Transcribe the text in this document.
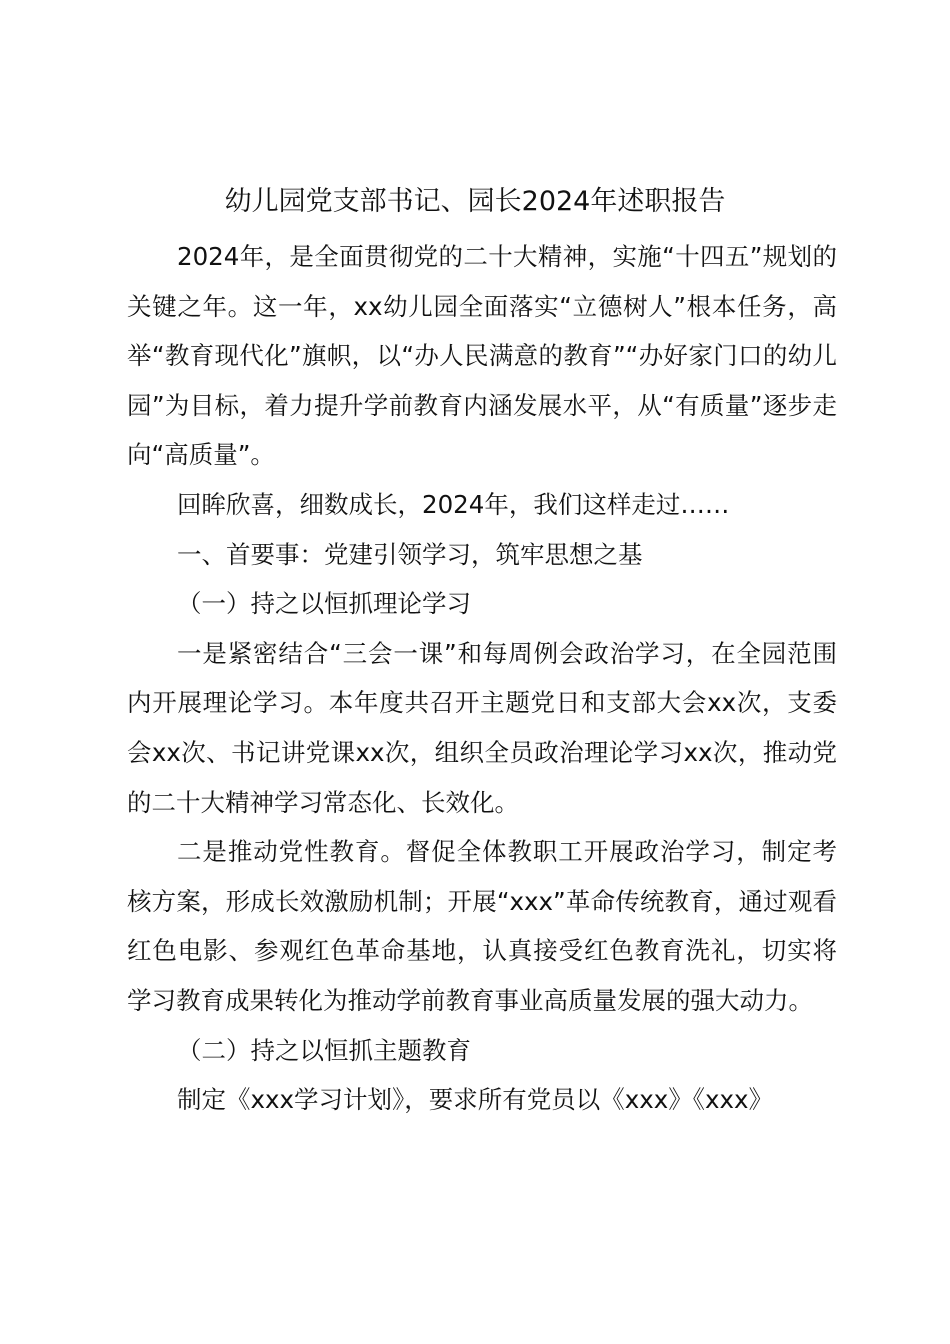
幼儿园党支部书记、园长2024年述职报告

2024年，是全面贯彻党的二十大精神，实施“十四五”规划的关键之年。这一年，xx幼儿园全面落实“立德树人”根本任务，高举“教育现代化”旗帜，以“办人民满意的教育”“办好家门口的幼儿园”为目标，着力提升学前教育内涵发展水平，从“有质量”逐步走向“高质量”。

回眸欣喜，细数成长，2024年，我们这样走过……

一、首要事：党建引领学习，筑牢思想之基

（一）持之以恒抓理论学习

一是紧密结合“三会一课”和每周例会政治学习，在全园范围内开展理论学习。本年度共召开主题党日和支部大会xx次，支委会xx次、书记讲党课xx次，组织全员政治理论学习xx次，推动党的二十大精神学习常态化、长效化。

二是推动党性教育。督促全体教职工开展政治学习，制定考核方案，形成长效激励机制；开展“xxx”革命传统教育，通过观看红色电影、参观红色革命基地，认真接受红色教育洗礼，切实将学习教育成果转化为推动学前教育事业高质量发展的强大动力。

（二）持之以恒抓主题教育

制定《xxx学习计划》，要求所有党员以《xxx》《xxx》
